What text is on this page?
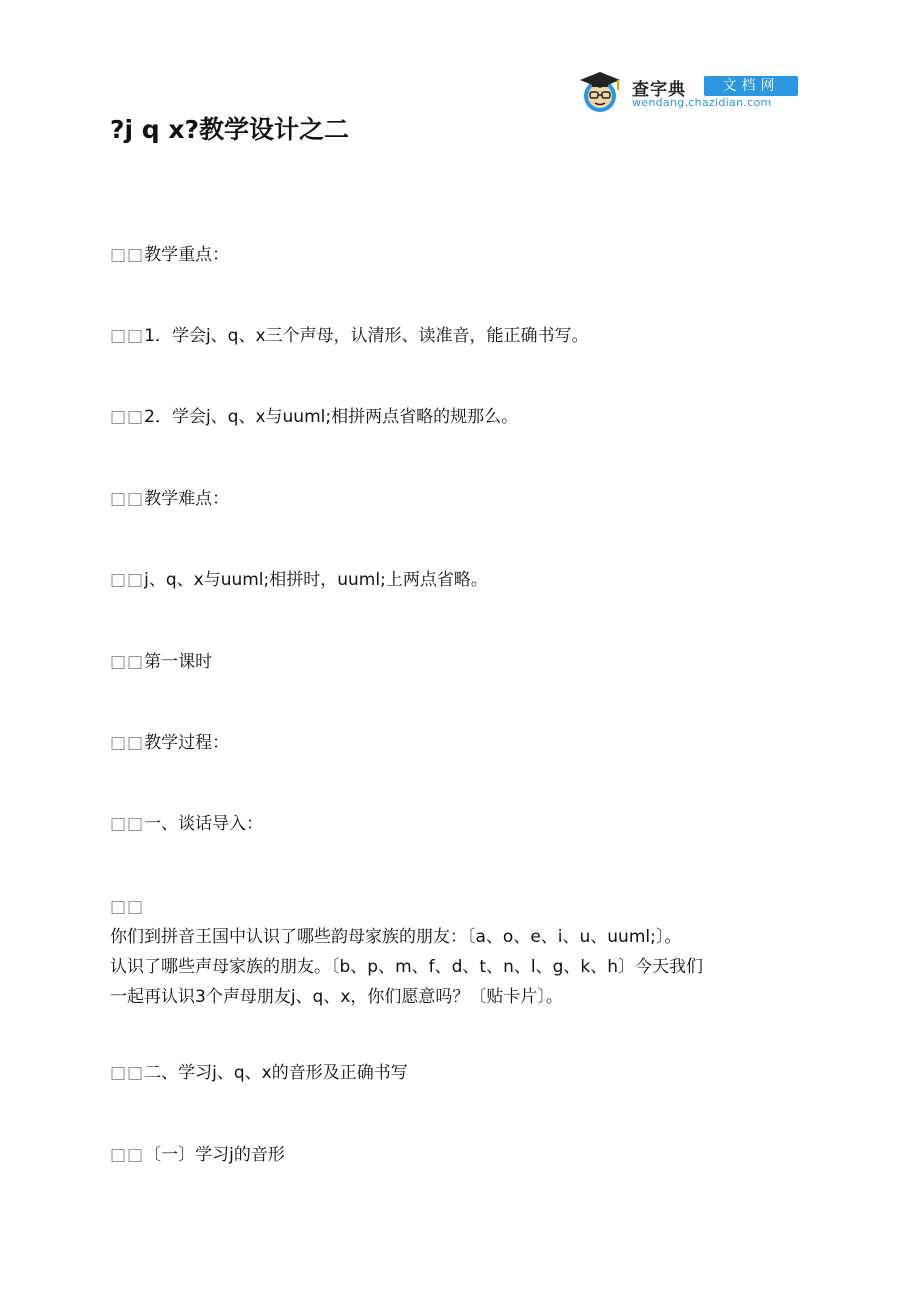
查字典	文档网
wendang.chazidian.com
?j q x?教学设计之二

□□教学重点：

□□1．学会j、q、x三个声母，认清形、读准音，能正确书写。

□□2．学会j、q、x与uuml;相拼两点省略的规那么。

□□教学难点：

□□j、q、x与uuml;相拼时，uuml;上两点省略。

□□第一课时

□□教学过程：

□□一、谈话导入：

□□

你们到拼音王国中认识了哪些韵母家族的朋友：〔a、o、e、i、u、uuml;〕。

认识了哪些声母家族的朋友。〔b、p、m、f、d、t、n、l、g、k、h〕今天我们

一起再认识3个声母朋友j、q、x，你们愿意吗？〔贴卡片〕。

□□二、学习j、q、x的音形及正确书写

□□〔一〕学习j的音形
